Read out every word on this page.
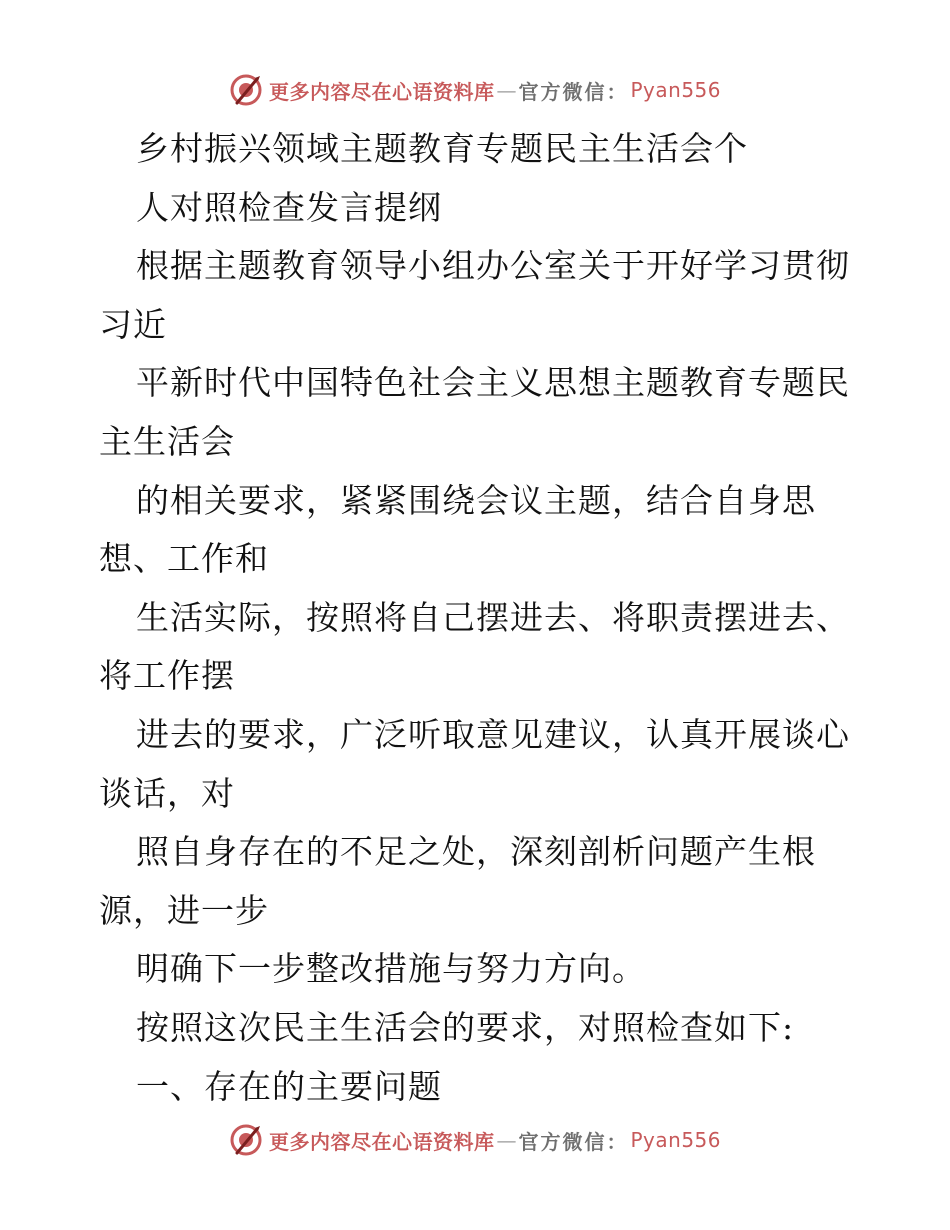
更多内容尽在心语资料库 — 官方微信： Pyan556
乡村振兴领域主题教育专题民主生活会个
人对照检查发言提纲
根据主题教育领导小组办公室关于开好学习贯彻
习近
平新时代中国特色社会主义思想主题教育专题民
主生活会
的相关要求，紧紧围绕会议主题，结合自身思
想、工作和
生活实际，按照将自己摆进去、将职责摆进去、
将工作摆
进去的要求，广泛听取意见建议，认真开展谈心
谈话，对
照自身存在的不足之处，深刻剖析问题产生根
源，进一步
明确下一步整改措施与努力方向。
按照这次民主生活会的要求，对照检查如下:
一、存在的主要问题
更多内容尽在心语资料库 — 官方微信： Pyan556
